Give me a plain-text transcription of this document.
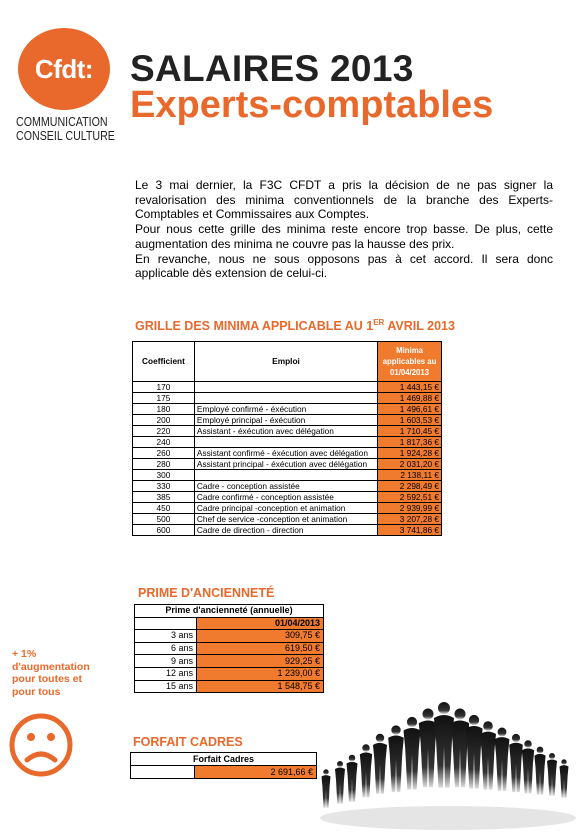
Cfdt:
COMMUNICATION
CONSEIL CULTURE
SALAIRES 2013
Experts-comptables

Le 3 mai dernier, la F3C CFDT a pris la décision de ne pas signer la revalorisation des minima conventionnels de la branche des Experts-Comptables et Commissaires aux Comptes.

Pour nous cette grille des minima reste encore trop basse. De plus, cette augmentation des minima ne couvre pas la hausse des prix.

En revanche, nous ne sous opposons pas à cet accord. Il sera donc applicable dès extension de celui-ci.

GRILLE DES MINIMA APPLICABLE AU 1ER AVRIL 2013
Coefficient	Emploi	Minima applicables au 01/04/2013
170		1 443,15 €
175		1 469,88 €
180	Employé confirmé - éxécution	1 496,61 €
200	Employé principal - éxécution	1 603,53 €
220	Assistant - éxécution avec délégation	1 710,45 €
240		1 817,36 €
260	Assistant confirmé - éxécution avec délégation	1 924,28 €
280	Assistant principal - éxécution avec délégation	2 031,20 €
300		2 138,11 €
330	Cadre - conception assistée	2 298,49 €
385	Cadre confirmé - conception assistée	2 592,51 €
450	Cadre principal -conception et animation	2 939,99 €
500	Chef de service -conception et animation	3 207,28 €
600	Cadre de direction - direction	3 741,86 €
PRIME D'ANCIENNETÉ
Prime d'ancienneté (annuelle)	
	01/04/2013
3 ans	309,75 €
6 ans	619,50 €
9 ans	929,25 €
12 ans	1 239,00 €
15 ans	1 548,75 €
+ 1%
d'augmentation
pour toutes et
pour tous
FORFAIT CADRES
Forfait Cadres
	2 691,66 €
